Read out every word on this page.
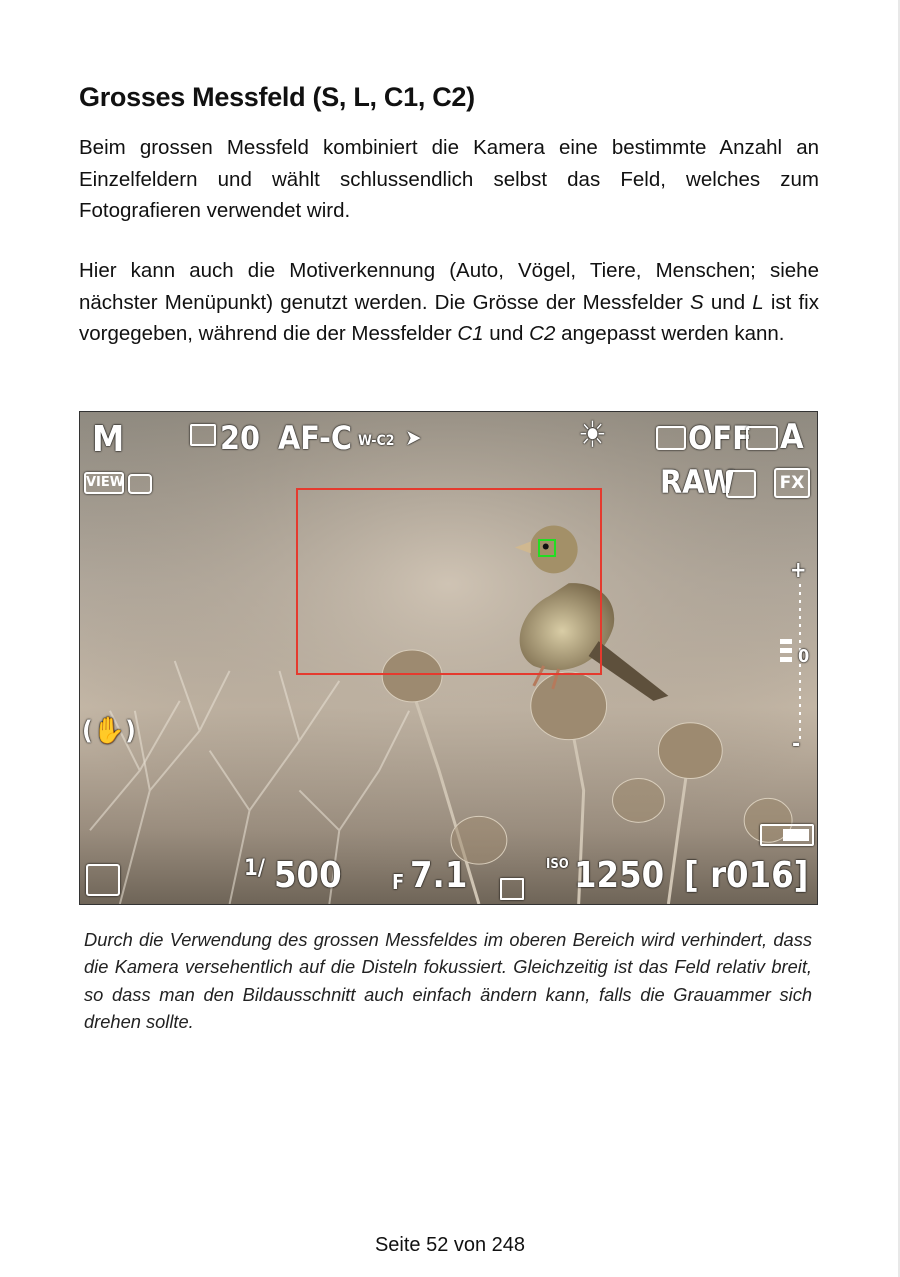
Grosses Messfeld (S, L, C1, C2)

Beim grossen Messfeld kombiniert die Kamera eine bestimmte Anzahl an Einzelfeldern und wählt schlussendlich selbst das Feld, welches zum Fotografieren verwendet wird.

Hier kann auch die Motiverkennung (Auto, Vögel, Tiere, Menschen; siehe nächster Menüpunkt) genutzt werden. Die Grösse der Messfelder S und L ist fix vorgegeben, während die der Messfelder C1 und C2 angepasst werden kann.

M	20 AF-C W-C2 ➤	☀	OFF A
VIEW	RAW	FX
+
0
-
(✋)
1/ 500	F 7.1	ISO 1250 [ r016]

Durch die Verwendung des grossen Messfeldes im oberen Bereich wird verhindert, dass die Kamera versehentlich auf die Disteln fokussiert. Gleichzeitig ist das Feld relativ breit, so dass man den Bildausschnitt auch einfach ändern kann, falls die Grauammer sich drehen sollte.

Seite 52 von 248
